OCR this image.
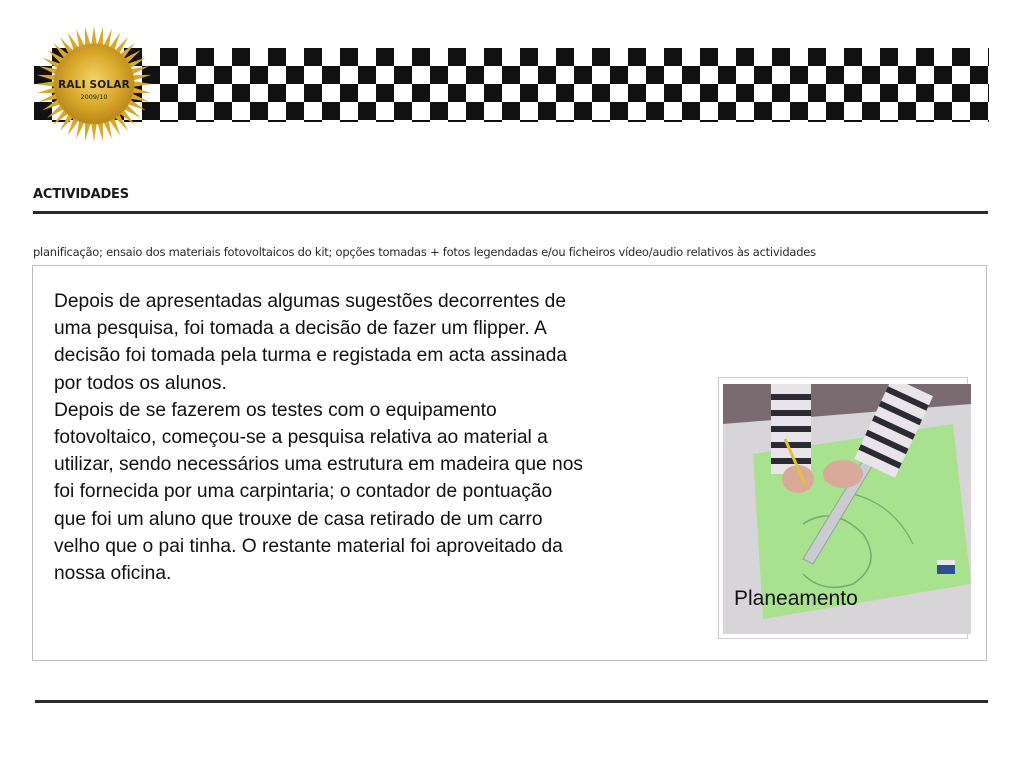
RALI SOLAR
2009/10
ACTIVIDADES
planificação; ensaio dos materiais fotovoltaicos do kit; opções tomadas + fotos legendadas e/ou ficheiros vídeo/audio relativos às actividades

Depois de apresentadas algumas sugestões decorrentes de uma pesquisa, foi tomada a decisão de fazer um flipper. A decisão foi tomada pela turma e registada em acta assinada por todos os alunos.

Depois de se fazerem os testes com o equipamento fotovoltaico, começou-se a pesquisa relativa ao material a utilizar, sendo necessários uma estrutura em madeira que nos foi fornecida por uma carpintaria; o contador de pontuação que foi um aluno que trouxe de casa retirado de um carro velho que o pai tinha. O restante material foi aproveitado da nossa oficina.

Planeamento
